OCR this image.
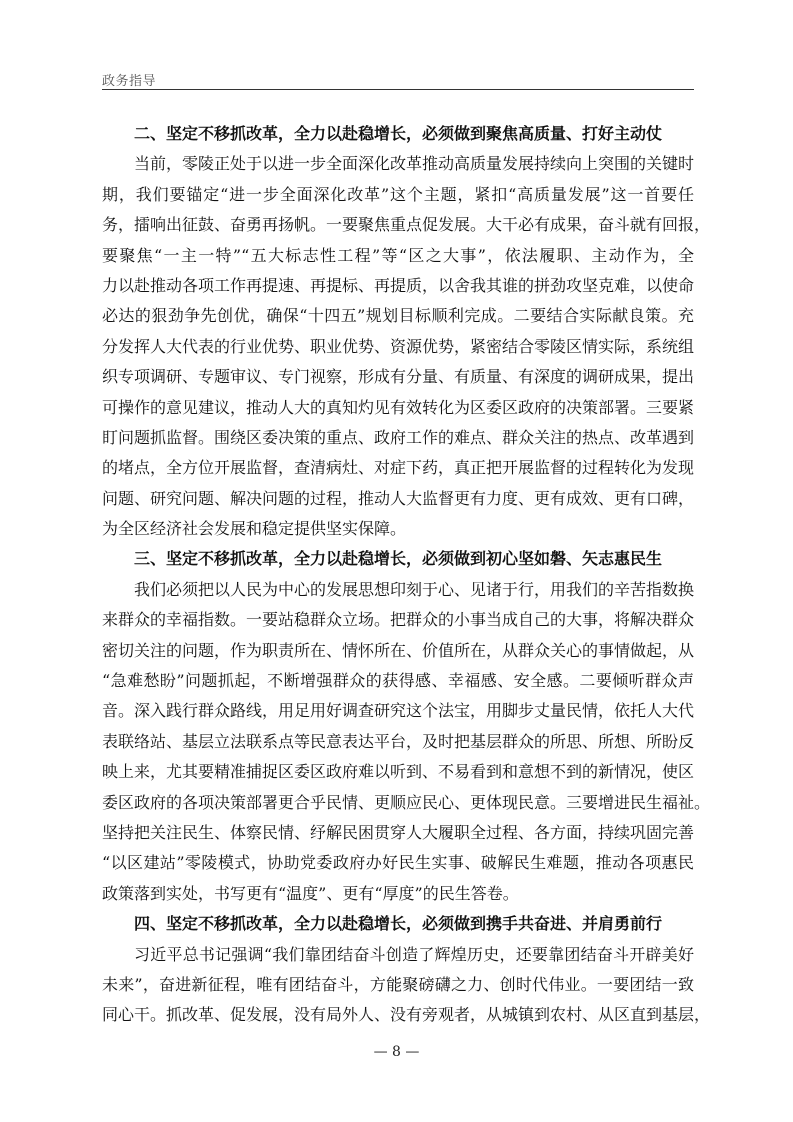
政务指导
二、坚定不移抓改革，全力以赴稳增长，必须做到聚焦高质量、打好主动仗
当前，零陵正处于以进一步全面深化改革推动高质量发展持续向上突围的关键时
期，我们要锚定“进一步全面深化改革”这个主题，紧扣“高质量发展”这一首要任
务，擂响出征鼓、奋勇再扬帆。一要聚焦重点促发展。大干必有成果，奋斗就有回报，
要聚焦“一主一特”“五大标志性工程”等“区之大事”，依法履职、主动作为，全
力以赴推动各项工作再提速、再提标、再提质，以舍我其谁的拼劲攻坚克难，以使命
必达的狠劲争先创优，确保“十四五”规划目标顺利完成。二要结合实际献良策。充
分发挥人大代表的行业优势、职业优势、资源优势，紧密结合零陵区情实际，系统组
织专项调研、专题审议、专门视察，形成有分量、有质量、有深度的调研成果，提出
可操作的意见建议，推动人大的真知灼见有效转化为区委区政府的决策部署。三要紧
盯问题抓监督。围绕区委决策的重点、政府工作的难点、群众关注的热点、改革遇到
的堵点，全方位开展监督，查清病灶、对症下药，真正把开展监督的过程转化为发现
问题、研究问题、解决问题的过程，推动人大监督更有力度、更有成效、更有口碑，
为全区经济社会发展和稳定提供坚实保障。
三、坚定不移抓改革，全力以赴稳增长，必须做到初心坚如磐、矢志惠民生
我们必须把以人民为中心的发展思想印刻于心、见诸于行，用我们的辛苦指数换
来群众的幸福指数。一要站稳群众立场。把群众的小事当成自己的大事，将解决群众
密切关注的问题，作为职责所在、情怀所在、价值所在，从群众关心的事情做起，从
“急难愁盼”问题抓起，不断增强群众的获得感、幸福感、安全感。二要倾听群众声
音。深入践行群众路线，用足用好调查研究这个法宝，用脚步丈量民情，依托人大代
表联络站、基层立法联系点等民意表达平台，及时把基层群众的所思、所想、所盼反
映上来，尤其要精准捕捉区委区政府难以听到、不易看到和意想不到的新情况，使区
委区政府的各项决策部署更合乎民情、更顺应民心、更体现民意。三要增进民生福祉。
坚持把关注民生、体察民情、纾解民困贯穿人大履职全过程、各方面，持续巩固完善
“以区建站”零陵模式，协助党委政府办好民生实事、破解民生难题，推动各项惠民
政策落到实处，书写更有“温度”、更有“厚度”的民生答卷。
四、坚定不移抓改革，全力以赴稳增长，必须做到携手共奋进、并肩勇前行
习近平总书记强调“我们靠团结奋斗创造了辉煌历史，还要靠团结奋斗开辟美好
未来”，奋进新征程，唯有团结奋斗，方能聚磅礴之力、创时代伟业。一要团结一致
同心干。抓改革、促发展，没有局外人、没有旁观者，从城镇到农村、从区直到基层，
— 8 —
